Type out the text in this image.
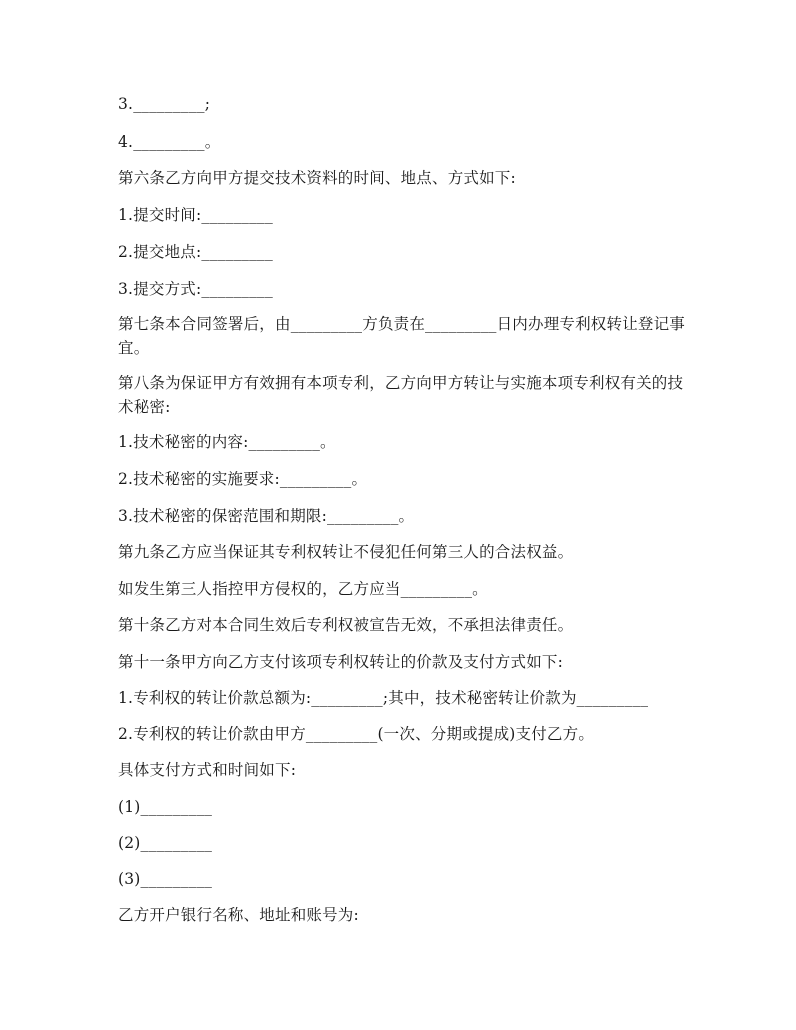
3._________;
4._________。
第六条乙方向甲方提交技术资料的时间、地点、方式如下:
1.提交时间:_________
2.提交地点:_________
3.提交方式:_________
第七条本合同签署后，由_________方负责在_________日内办理专利权转让登记事
宜。
第八条为保证甲方有效拥有本项专利，乙方向甲方转让与实施本项专利权有关的技
术秘密:
1.技术秘密的内容:_________。
2.技术秘密的实施要求:_________。
3.技术秘密的保密范围和期限:_________。
第九条乙方应当保证其专利权转让不侵犯任何第三人的合法权益。
如发生第三人指控甲方侵权的，乙方应当_________。
第十条乙方对本合同生效后专利权被宣告无效，不承担法律责任。
第十一条甲方向乙方支付该项专利权转让的价款及支付方式如下:
1.专利权的转让价款总额为:_________;其中，技术秘密转让价款为_________
2.专利权的转让价款由甲方_________(一次、分期或提成)支付乙方。
具体支付方式和时间如下:
(1)_________
(2)_________
(3)_________
乙方开户银行名称、地址和账号为:
